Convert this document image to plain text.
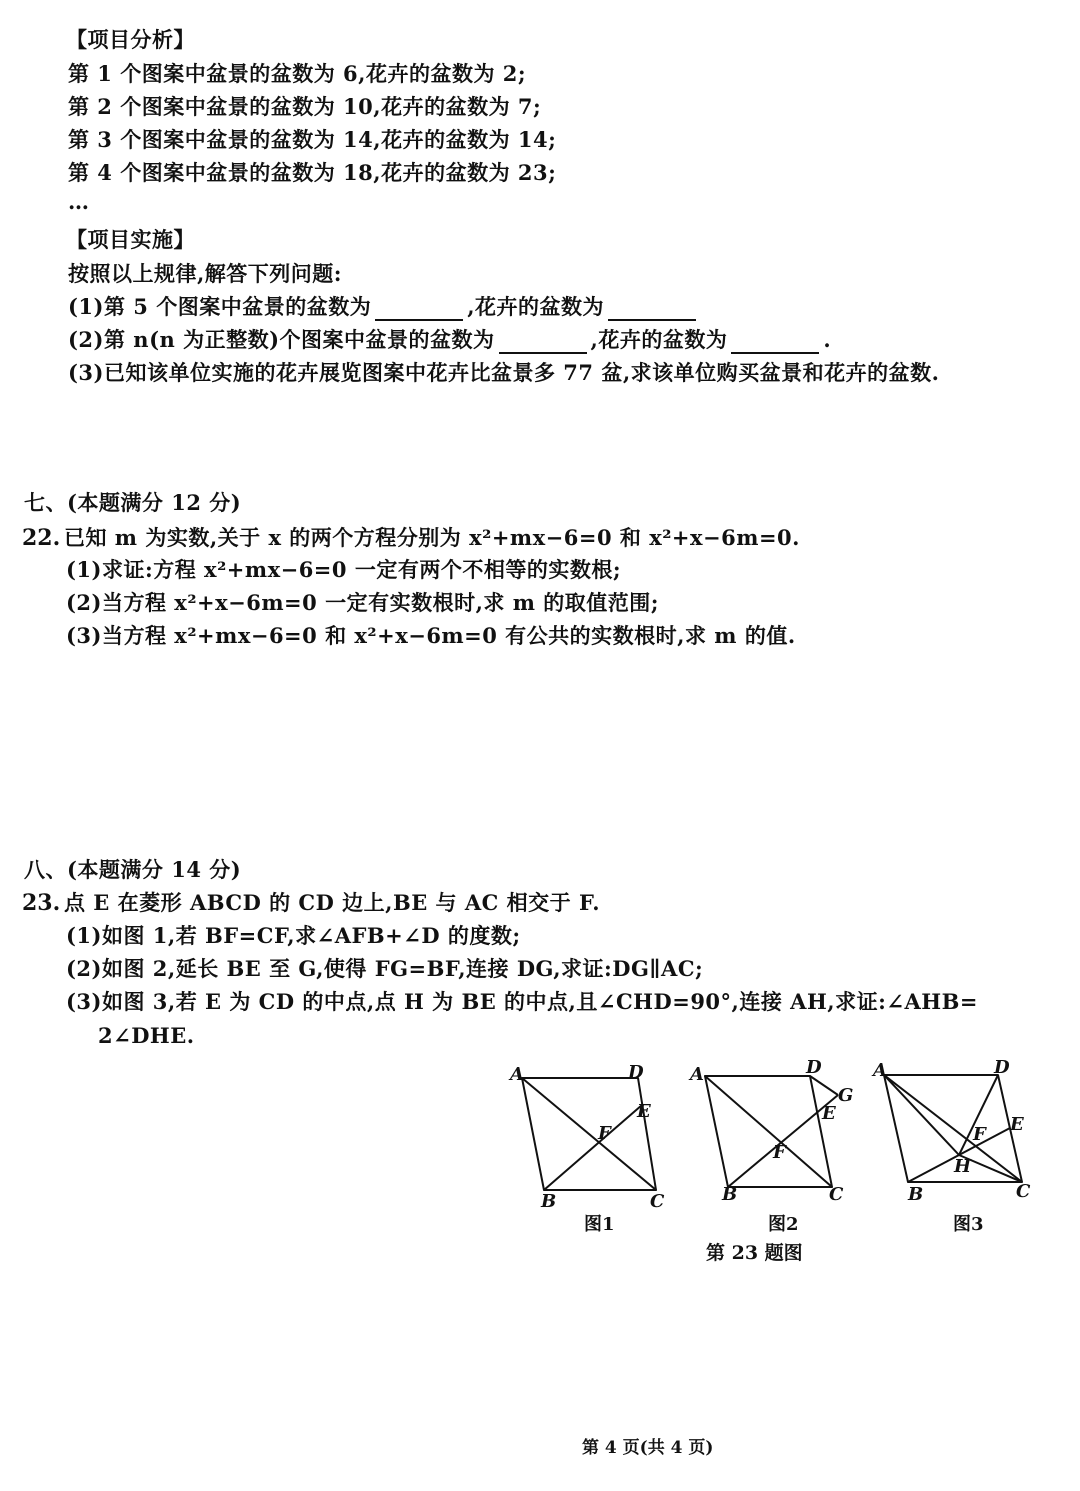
【项目分析】
第 1 个图案中盆景的盆数为 6,花卉的盆数为 2;
第 2 个图案中盆景的盆数为 10,花卉的盆数为 7;
第 3 个图案中盆景的盆数为 14,花卉的盆数为 14;
第 4 个图案中盆景的盆数为 18,花卉的盆数为 23;
…
【项目实施】
按照以上规律,解答下列问题:
(1)第 5 个图案中盆景的盆数为	,花卉的盆数为
(2)第 n(n 为正整数)个图案中盆景的盆数为	,花卉的盆数为	.
(3)已知该单位实施的花卉展览图案中花卉比盆景多 77 盆,求该单位购买盆景和花卉的盆数.
七、(本题满分 12 分)
22. 已知 m 为实数,关于 x 的两个方程分别为 x²+mx−6=0 和 x²+x−6m=0.
(1)求证:方程 x²+mx−6=0 一定有两个不相等的实数根;
(2)当方程 x²+x−6m=0 一定有实数根时,求 m 的取值范围;
(3)当方程 x²+mx−6=0 和 x²+x−6m=0 有公共的实数根时,求 m 的值.
八、(本题满分 14 分)
23. 点 E 在菱形 ABCD 的 CD 边上,BE 与 AC 相交于 F.
(1)如图 1,若 BF=CF,求∠AFB+∠D 的度数;
(2)如图 2,延长 BE 至 G,使得 FG=BF,连接 DG,求证:DG∥AC;
(3)如图 3,若 E 为 CD 的中点,点 H 为 BE 的中点,且∠CHD=90°,连接 AH,求证:∠AHB=
2∠DHE.
A	D
E
F
B	C
A	D
G
E
F
B	C
A	D
E
F
H
B	C
图1	图2	图3
第 23 题图
第 4 页(共 4 页)
